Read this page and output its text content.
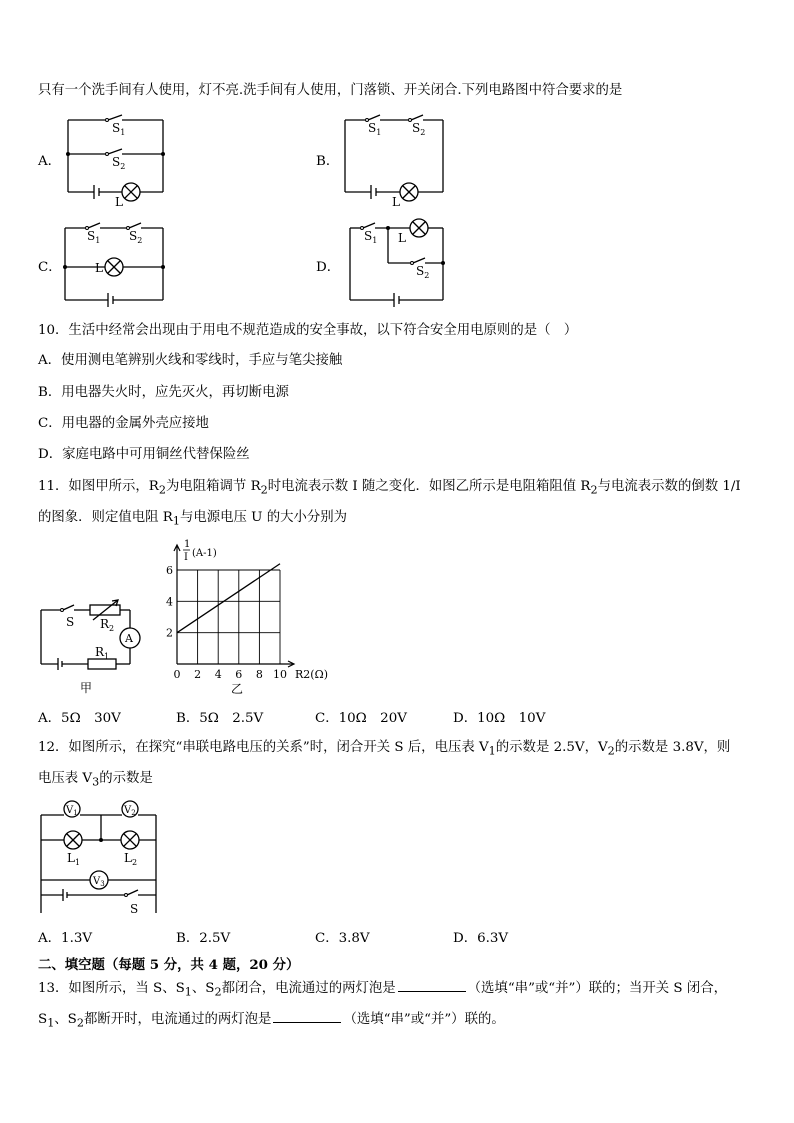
只有一个洗手间有人使用，灯不亮.洗手间有人使用，门落锁、开关闭合.下列电路图中符合要求的是
A．	B．
C．	D．
$S_1$
$S_2$
L
$S_1$	$S_2$
L
$S_1$ $S_2$
L
$S_1$
$S_2$
L
10．生活中经常会出现由于用电不规范造成的安全事故，以下符合安全用电原则的是（　）
A．使用测电笔辨别火线和零线时，手应与笔尖接触
B．用电器失火时，应先灭火，再切断电源
C．用电器的金属外壳应接地
D．家庭电路中可用铜丝代替保险丝
11．如图甲所示，$R_2$为电阻箱调节 $R_2$时电流表示数 I 随之变化．如图乙所示是电阻箱阻值 $R_2$与电流表示数的倒数 1/I
的图象．则定值电阻 $R_1$与电源电压 U 的大小分别为
S $R_2$
A
$R_1$
甲
0 2 4 6 8 10
2
4
6
R2(Ω)
1
I (A-1)
乙
A．5Ω　30V	B．5Ω　2.5V	C．10Ω　20V	D．10Ω　10V
12．如图所示，在探究“串联电路电压的关系”时，闭合开关 S 后，电压表 $V_1$的示数是 2.5V，$V_2$的示数是 3.8V，则
电压表 $V_3$的示数是
$V_1$	$V_2$
$V_3$
$L_1$	$L_2$
S
A．1.3V	B．2.5V	C．3.8V	D．6.3V
二、填空题（每题 5 分，共 4 题，20 分）
13．如图所示，当 S、$S_1$、$S_2$都闭合，电流通过的两灯泡是	（选填“串”或“并”）联的；当开关 S 闭合，
$S_1$、$S_2$都断开时，电流通过的两灯泡是	（选填“串”或“并”）联的。
